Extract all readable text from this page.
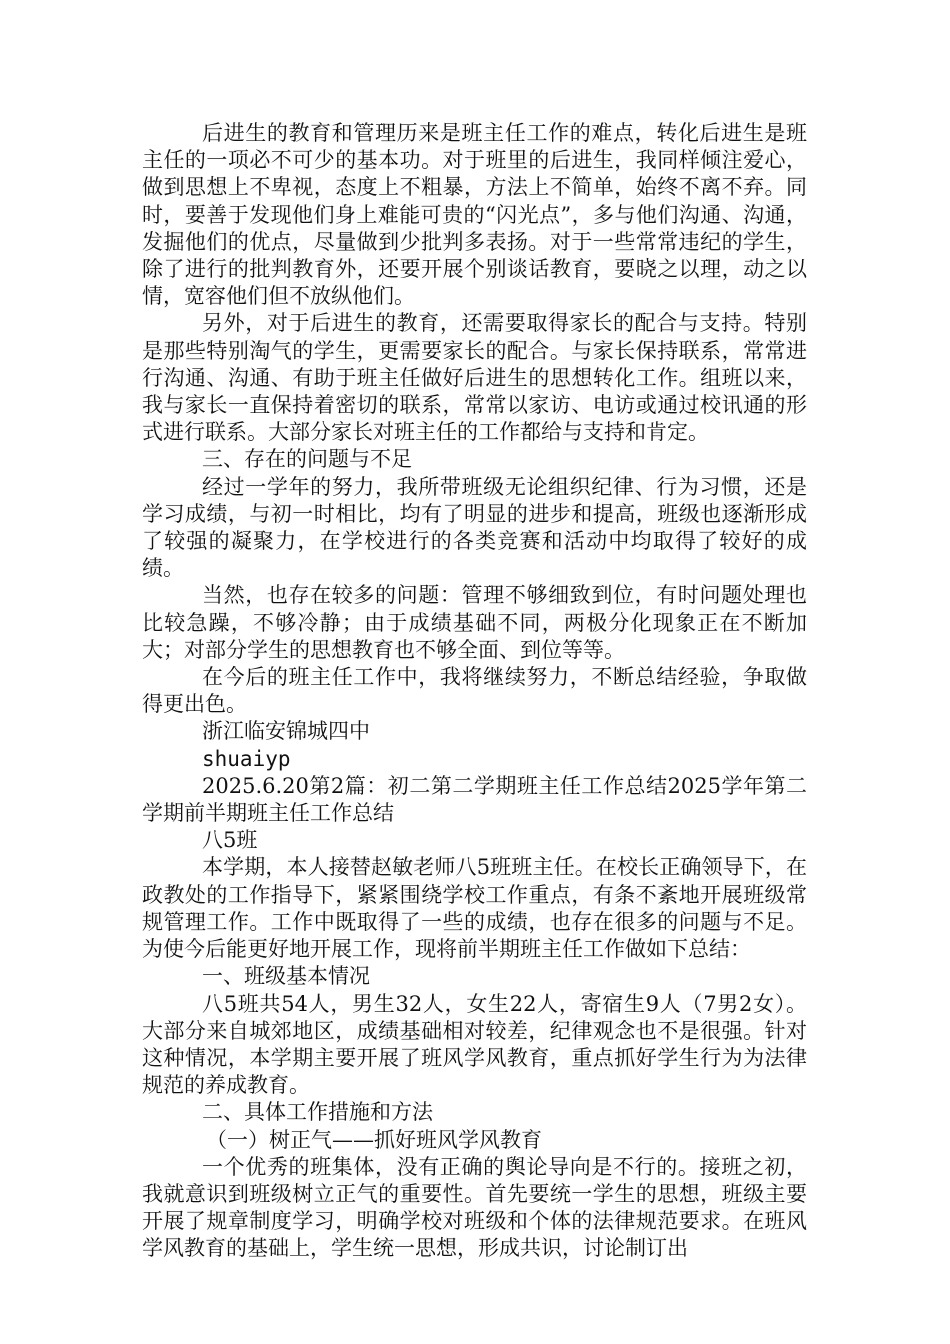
后进生的教育和管理历来是班主任工作的难点，转化后进生是班主任的一项必不可少的基本功。对于班里的后进生，我同样倾注爱心，做到思想上不卑视，态度上不粗暴，方法上不简单，始终不离不弃。同时，要善于发现他们身上难能可贵的“闪光点”，多与他们沟通、沟通，发掘他们的优点，尽量做到少批判多表扬。对于一些常常违纪的学生，除了进行的批判教育外，还要开展个别谈话教育，要晓之以理，动之以情，宽容他们但不放纵他们。

另外，对于后进生的教育，还需要取得家长的配合与支持。特别是那些特别淘气的学生，更需要家长的配合。与家长保持联系，常常进行沟通、沟通、有助于班主任做好后进生的思想转化工作。组班以来，我与家长一直保持着密切的联系，常常以家访、电访或通过校讯通的形式进行联系。大部分家长对班主任的工作都给与支持和肯定。

三、存在的问题与不足

经过一学年的努力，我所带班级无论组织纪律、行为习惯，还是学习成绩，与初一时相比，均有了明显的进步和提高，班级也逐渐形成了较强的凝聚力，在学校进行的各类竞赛和活动中均取得了较好的成绩。

当然，也存在较多的问题：管理不够细致到位，有时问题处理也比较急躁，不够冷静；由于成绩基础不同，两极分化现象正在不断加大；对部分学生的思想教育也不够全面、到位等等。

在今后的班主任工作中，我将继续努力，不断总结经验，争取做得更出色。

浙江临安锦城四中

shuaiyp

2025.6.20第2篇：初二第二学期班主任工作总结2025学年第二学期前半期班主任工作总结

八5班

本学期，本人接替赵敏老师八5班班主任。在校长正确领导下，在政教处的工作指导下，紧紧围绕学校工作重点，有条不紊地开展班级常规管理工作。工作中既取得了一些的成绩，也存在很多的问题与不足。为使今后能更好地开展工作，现将前半期班主任工作做如下总结：

一、班级基本情况

八5班共54人，男生32人，女生22人，寄宿生9人（7男2女）。大部分来自城郊地区，成绩基础相对较差，纪律观念也不是很强。针对这种情况，本学期主要开展了班风学风教育，重点抓好学生行为为法律规范的养成教育。

二、具体工作措施和方法

（一）树正气——抓好班风学风教育

一个优秀的班集体，没有正确的舆论导向是不行的。接班之初，我就意识到班级树立正气的重要性。首先要统一学生的思想，班级主要开展了规章制度学习，明确学校对班级和个体的法律规范要求。在班风学风教育的基础上，学生统一思想，形成共识，讨论制订出
